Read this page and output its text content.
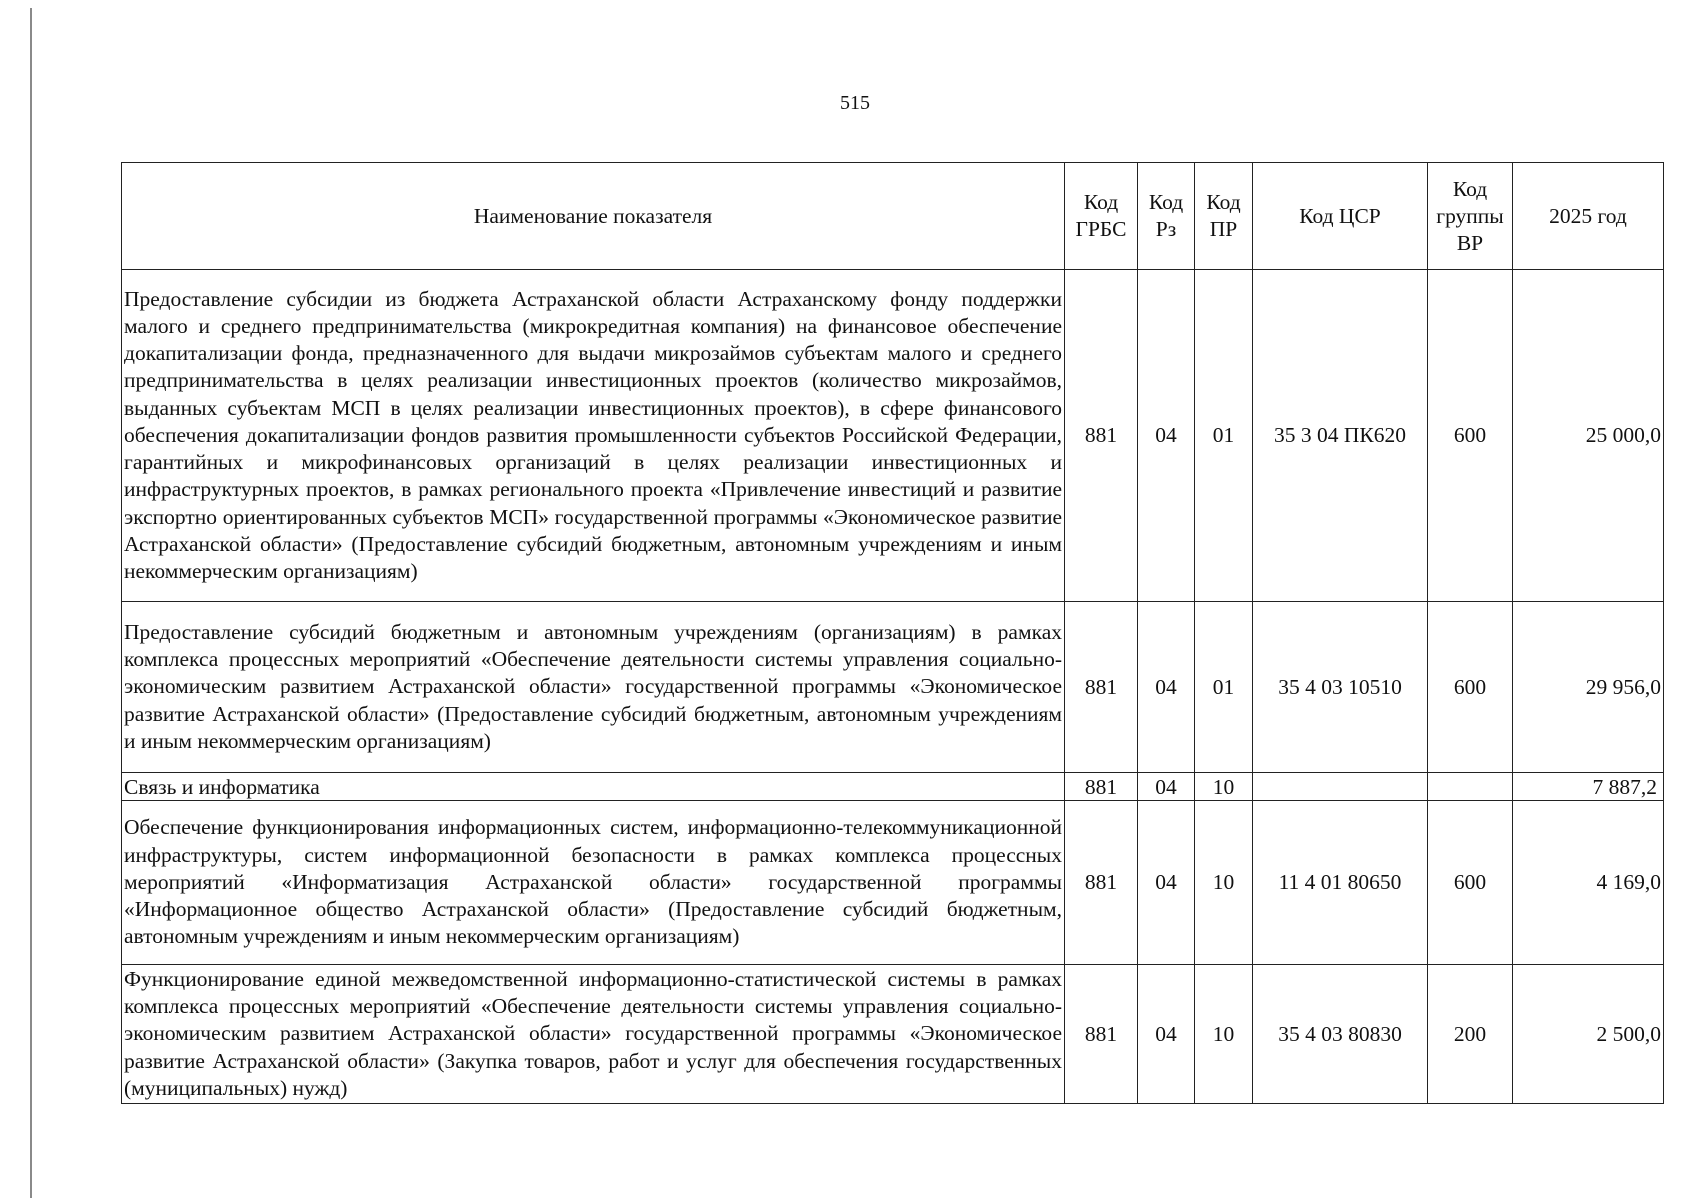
515
Наименование показателя	Код ГРБС	Код Рз	Код ПР	Код ЦСР	Код группы ВР	2025 год
Предоставление субсидии из бюджета Астраханской области Астраханскому фонду поддержки малого и среднего предпринимательства (микрокредитная компания) на финансовое обеспечение докапитализации фонда, предназначенного для выдачи микрозаймов субъектам малого и среднего предпринимательства в целях реализации инвестиционных проектов (количество микрозаймов, выданных субъектам МСП в целях реализации инвестиционных проектов), в сфере финансового обеспечения докапитализации фондов развития промышленности субъектов Российской Федерации, гарантийных и микрофинансовых организаций в целях реализации инвестиционных и инфраструктурных проектов, в рамках регионального проекта «Привлечение инвестиций и развитие экспортно ориентированных субъектов МСП» государственной программы «Экономическое развитие Астраханской области» (Предоставление субсидий бюджетным, автономным учреждениям и иным некоммерческим организациям)	881	04	01	35 3 04 ПК620	600	25 000,0
Предоставление субсидий бюджетным и автономным учреждениям (организациям) в рамках комплекса процессных мероприятий «Обеспечение деятельности системы управления социально-экономическим развитием Астраханской области» государственной программы «Экономическое развитие Астраханской области» (Предоставление субсидий бюджетным, автономным учреждениям и иным некоммерческим организациям)	881	04	01	35 4 03 10510	600	29 956,0
Связь и информатика	881	04	10			7 887,2
Обеспечение функционирования информационных систем, информационно-телекоммуникационной инфраструктуры, систем информационной безопасности в рамках комплекса процессных мероприятий «Информатизация Астраханской области» государственной программы «Информационное общество Астраханской области» (Предоставление субсидий бюджетным, автономным учреждениям и иным некоммерческим организациям)	881	04	10	11 4 01 80650	600	4 169,0
Функционирование единой межведомственной информационно-статистической системы в рамках комплекса процессных мероприятий «Обеспечение деятельности системы управления социально-экономическим развитием Астраханской области» государственной программы «Экономическое развитие Астраханской области» (Закупка товаров, работ и услуг для обеспечения государственных (муниципальных) нужд)	881	04	10	35 4 03 80830	200	2 500,0
